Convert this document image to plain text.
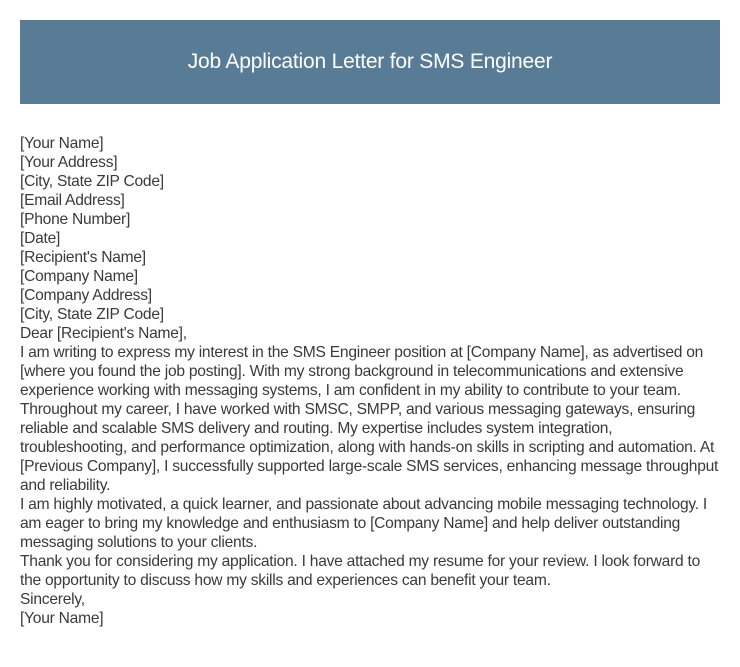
Job Application Letter for SMS Engineer
[Your Name]
[Your Address]
[City, State ZIP Code]
[Email Address]
[Phone Number]
[Date]
[Recipient's Name]
[Company Name]
[Company Address]
[City, State ZIP Code]
Dear [Recipient's Name],
I am writing to express my interest in the SMS Engineer position at [Company Name], as advertised on [where you found the job posting]. With my strong background in telecommunications and extensive experience working with messaging systems, I am confident in my ability to contribute to your team.
Throughout my career, I have worked with SMSC, SMPP, and various messaging gateways, ensuring reliable and scalable SMS delivery and routing. My expertise includes system integration, troubleshooting, and performance optimization, along with hands-on skills in scripting and automation. At [Previous Company], I successfully supported large-scale SMS services, enhancing message throughput and reliability.
I am highly motivated, a quick learner, and passionate about advancing mobile messaging technology. I am eager to bring my knowledge and enthusiasm to [Company Name] and help deliver outstanding messaging solutions to your clients.
Thank you for considering my application. I have attached my resume for your review. I look forward to the opportunity to discuss how my skills and experiences can benefit your team.
Sincerely,
[Your Name]
